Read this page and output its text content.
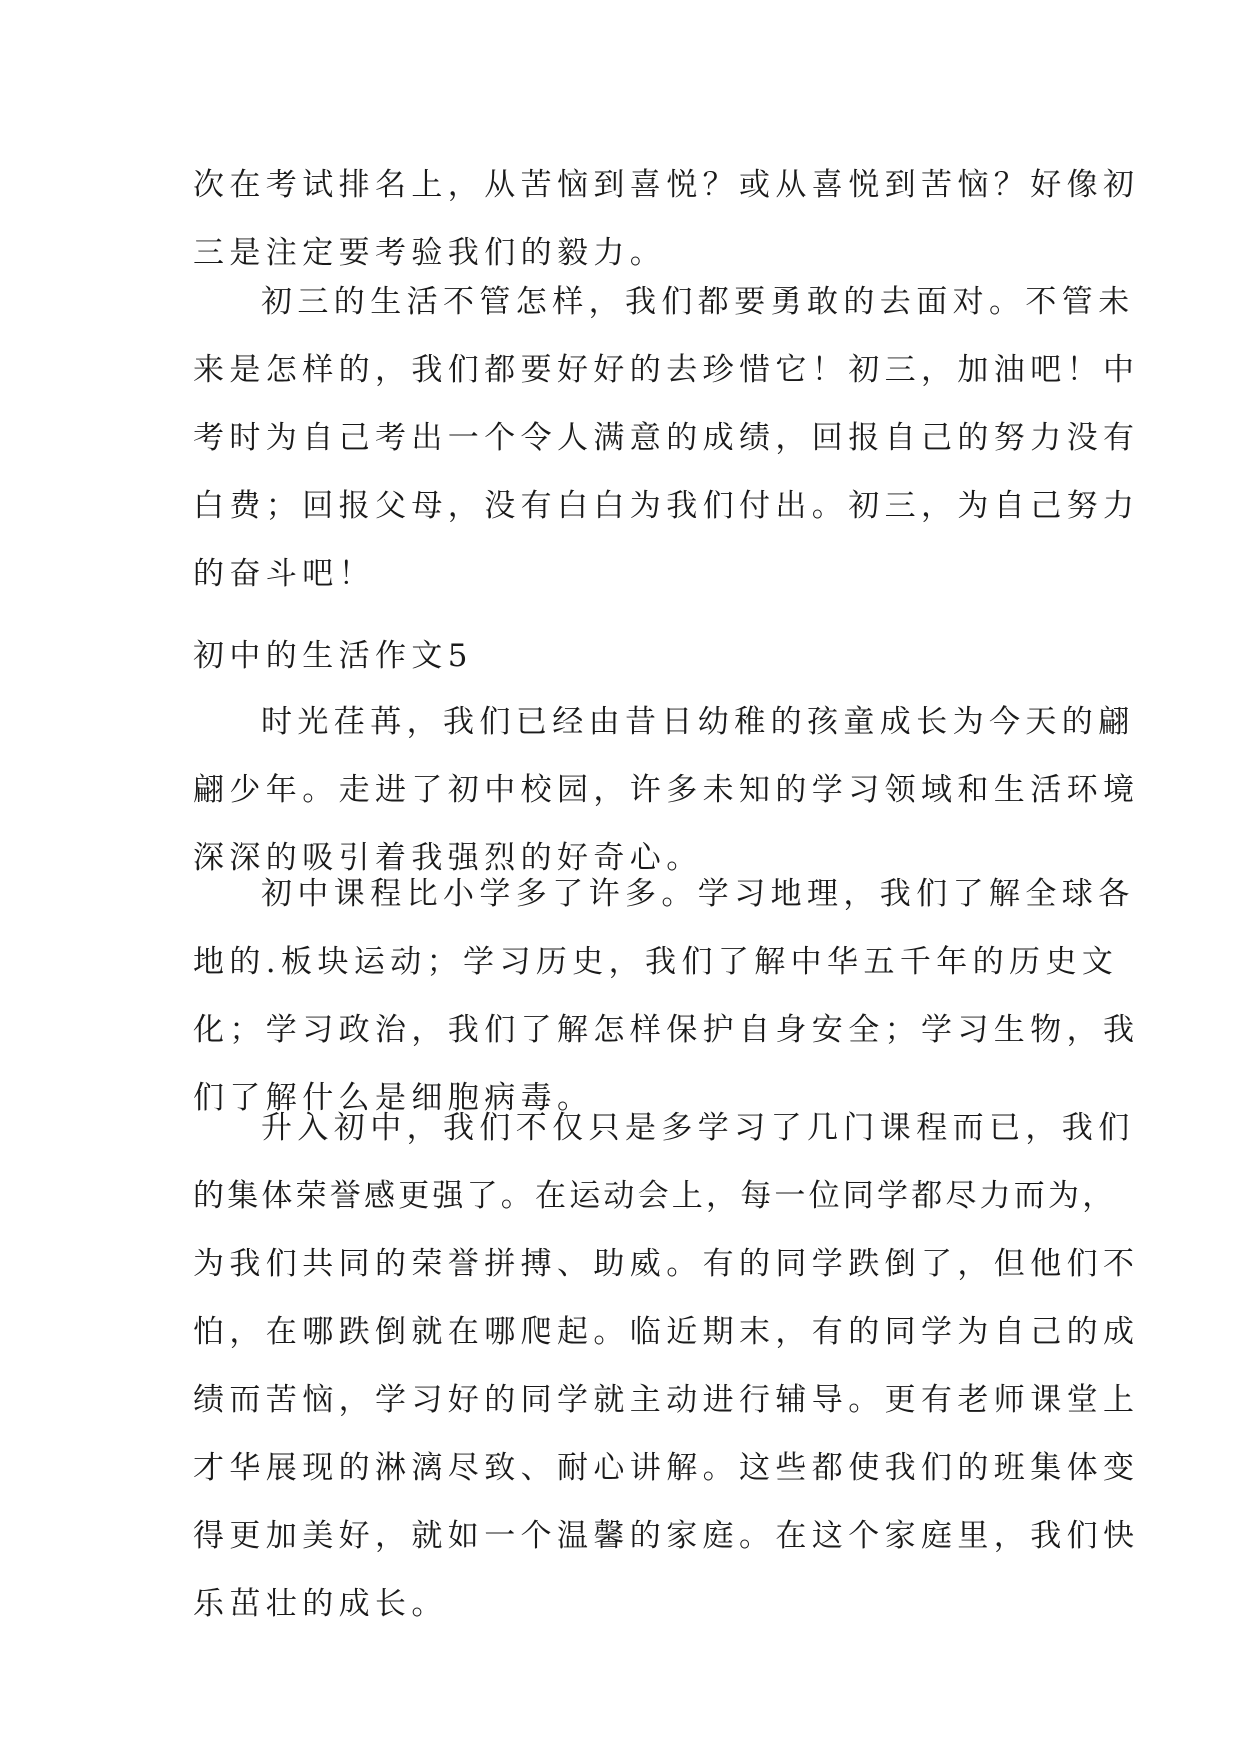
次在考试排名上，从苦恼到喜悦？或从喜悦到苦恼？好像初
三是注定要考验我们的毅力。
初三的生活不管怎样，我们都要勇敢的去面对。不管未
来是怎样的，我们都要好好的去珍惜它！初三，加油吧！中
考时为自己考出一个令人满意的成绩，回报自己的努力没有
白费；回报父母，没有白白为我们付出。初三，为自己努力
的奋斗吧！
初中的生活作文5
时光荏苒，我们已经由昔日幼稚的孩童成长为今天的翩
翩少年。走进了初中校园，许多未知的学习领域和生活环境
深深的吸引着我强烈的好奇心。
初中课程比小学多了许多。学习地理，我们了解全球各
地的.板块运动；学习历史，我们了解中华五千年的历史文
化；学习政治，我们了解怎样保护自身安全；学习生物，我
们了解什么是细胞病毒。
升入初中，我们不仅只是多学习了几门课程而已，我们
的集体荣誉感更强了。在运动会上，每一位同学都尽力而为，
为我们共同的荣誉拼搏、助威。有的同学跌倒了，但他们不
怕，在哪跌倒就在哪爬起。临近期末，有的同学为自己的成
绩而苦恼，学习好的同学就主动进行辅导。更有老师课堂上
才华展现的淋漓尽致、耐心讲解。这些都使我们的班集体变
得更加美好，就如一个温馨的家庭。在这个家庭里，我们快
乐茁壮的成长。
